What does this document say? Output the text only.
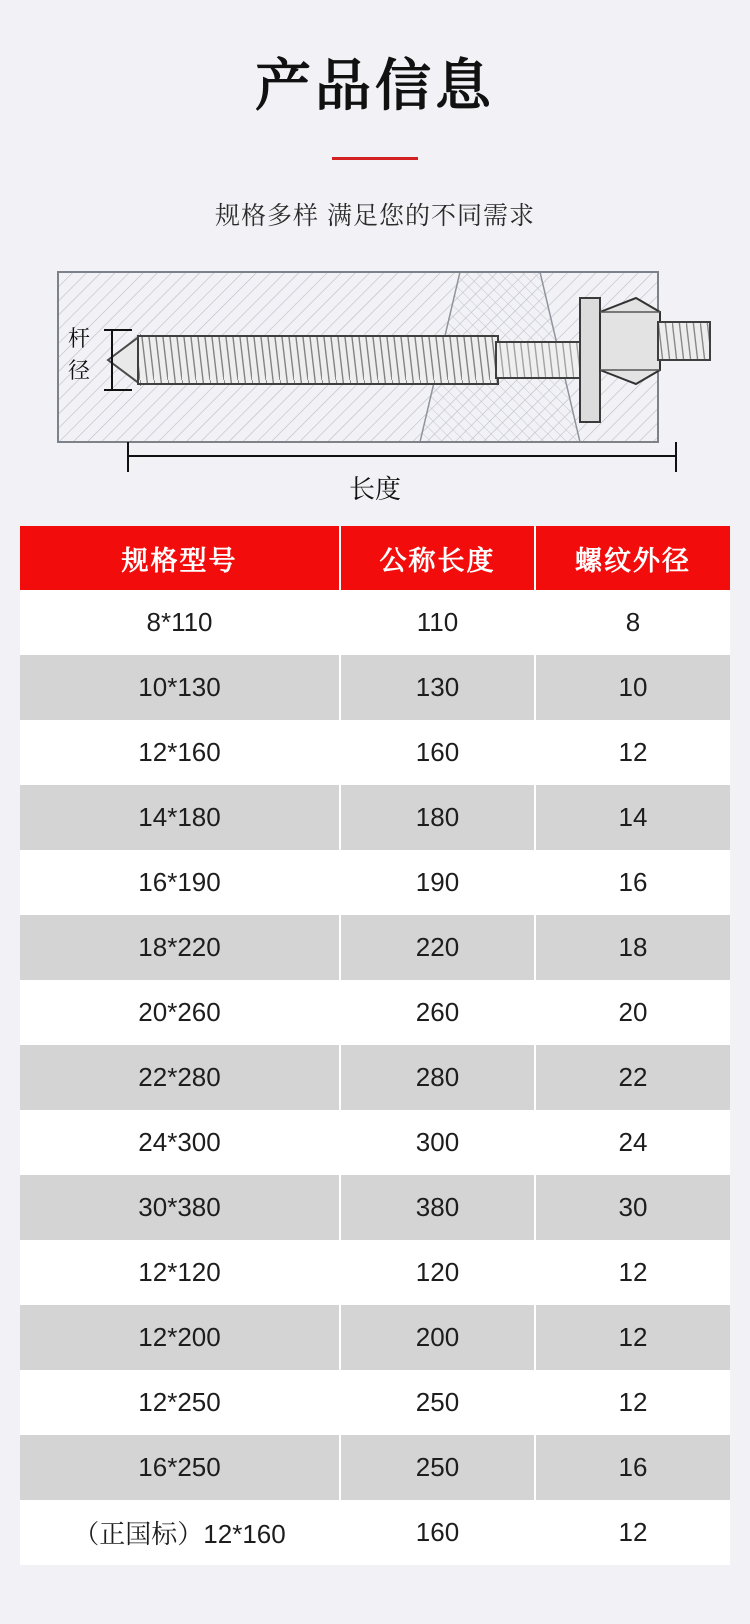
产品信息
规格多样 满足您的不同需求
杆
径
长度
规格型号	公称长度	螺纹外径
8*110	110	8
10*130	130	10
12*160	160	12
14*180	180	14
16*190	190	16
18*220	220	18
20*260	260	20
22*280	280	22
24*300	300	24
30*380	380	30
12*120	120	12
12*200	200	12
12*250	250	12
16*250	250	16
（正国标）12*160	160	12
